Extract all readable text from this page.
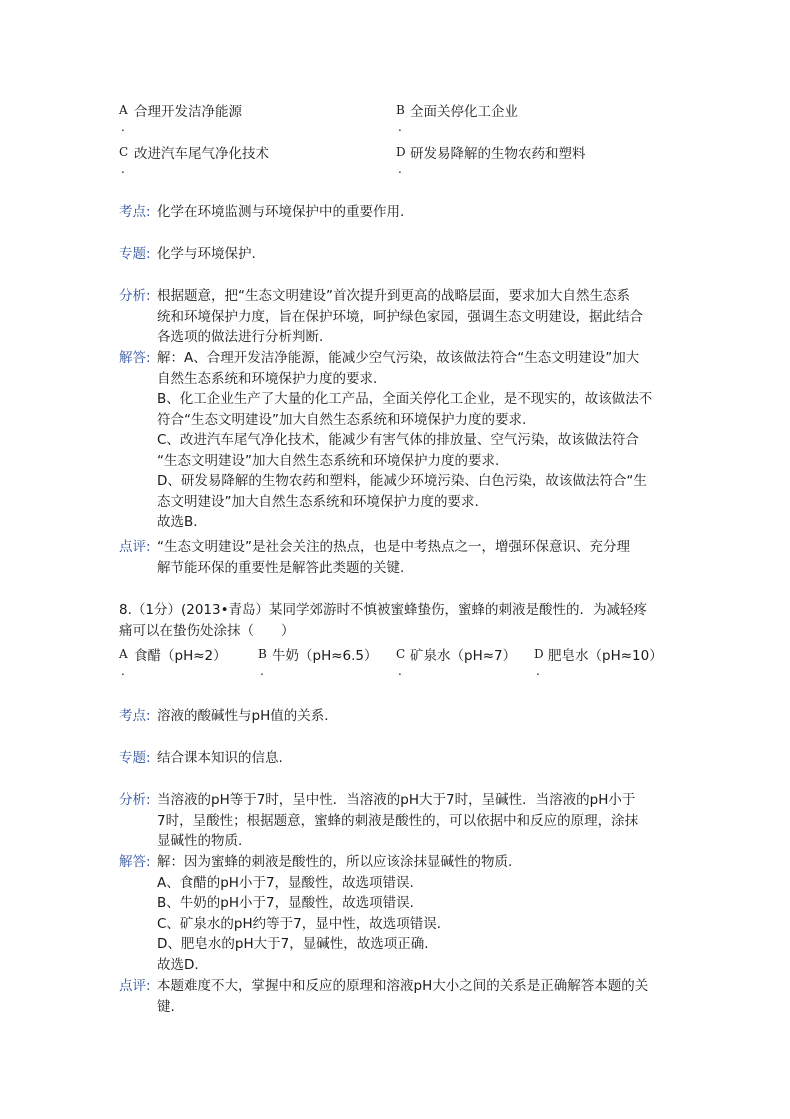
A 合理开发洁净能源
.
B 全面关停化工企业
.
C 改进汽车尾气净化技术
.
D 研发易降解的生物农药和塑料
.
考点: 化学在环境监测与环境保护中的重要作用.
专题: 化学与环境保护.
分析: 根据题意，把“生态文明建设”首次提升到更高的战略层面，要求加大自然生态系

统和环境保护力度，旨在保护环境，呵护绿色家园，强调生态文明建设，据此结合

各选项的做法进行分析判断.

解答: 解：A、合理开发洁净能源，能减少空气污染，故该做法符合“生态文明建设”加大

自然生态系统和环境保护力度的要求.

B、化工企业生产了大量的化工产品，全面关停化工企业，是不现实的，故该做法不

符合“生态文明建设”加大自然生态系统和环境保护力度的要求.

C、改进汽车尾气净化技术，能减少有害气体的排放量、空气污染，故该做法符合

“生态文明建设”加大自然生态系统和环境保护力度的要求.

D、研发易降解的生物农药和塑料，能减少环境污染、白色污染，故该做法符合“生

态文明建设”加大自然生态系统和环境保护力度的要求.

故选B.

点评: “生态文明建设”是社会关注的热点，也是中考热点之一，增强环保意识、充分理

解节能环保的重要性是解答此类题的关键.

8.（1分）(2013•青岛）某同学郊游时不慎被蜜蜂蛰伤，蜜蜂的刺液是酸性的．为减轻疼
痛可以在蛰伤处涂抹（　　）
A 食醋（pH≈2）
.
B 牛奶（pH≈6.5）
.
C 矿泉水（pH≈7）
.
D 肥皂水（pH≈10）
.
考点: 溶液的酸碱性与pH值的关系.
专题: 结合课本知识的信息.
分析: 当溶液的pH等于7时，呈中性．当溶液的pH大于7时，呈碱性．当溶液的pH小于

7时，呈酸性；根据题意，蜜蜂的刺液是酸性的，可以依据中和反应的原理，涂抹

显碱性的物质.

解答: 解：因为蜜蜂的刺液是酸性的，所以应该涂抹显碱性的物质.

A、食醋的pH小于7，显酸性，故选项错误.

B、牛奶的pH小于7，显酸性，故选项错误.

C、矿泉水的pH约等于7，显中性，故选项错误.

D、肥皂水的pH大于7，显碱性，故选项正确.

故选D.

点评: 本题难度不大，掌握中和反应的原理和溶液pH大小之间的关系是正确解答本题的关

键.
